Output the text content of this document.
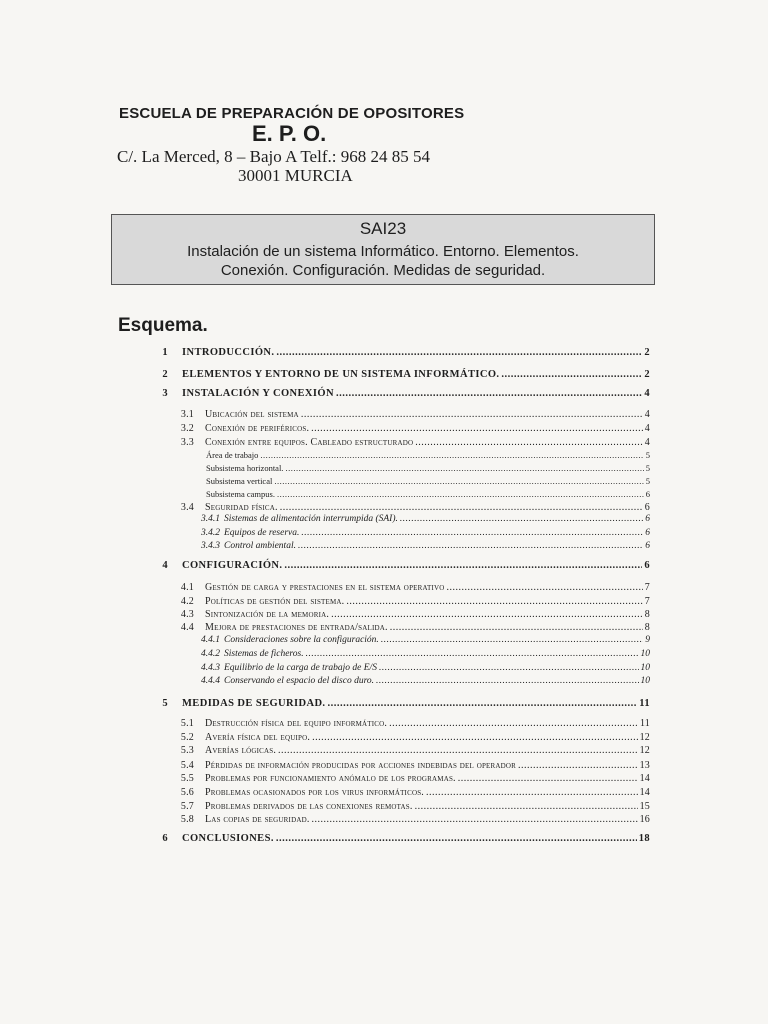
ESCUELA DE PREPARACIÓN DE OPOSITORES
E. P. O.
C/. La Merced, 8 – Bajo A Telf.: 968 24 85 54
30001 MURCIA
SAI23
Instalación de un sistema Informático. Entorno. Elementos.
Conexión. Configuración. Medidas de seguridad.
Esquema.
1 INTRODUCCIÓN. .....	2
2 ELEMENTOS Y ENTORNO DE UN SISTEMA INFORMÁTICO. .....	2
3 INSTALACIÓN Y CONEXIÓN .....	4
3.1 Ubicación del sistema .....	4
3.2 Conexión de periféricos. .....	4
3.3 Conexión entre equipos. Cableado estructurado .....	4
Área de trabajo .....	5
Subsistema horizontal. .....	5
Subsistema vertical .....	5
Subsistema campus. .....	6
3.4 Seguridad física. .....	6
3.4.1 Sistemas de alimentación interrumpida (SAI). .....	6
3.4.2 Equipos de reserva. .....	6
3.4.3 Control ambiental. .....	6
4 CONFIGURACIÓN. .....	6
4.1 Gestión de carga y prestaciones en el sistema operativo .....	7
4.2 Políticas de gestión del sistema. .....	7
4.3 Sintonización de la memoria. .....	8
4.4 Mejora de prestaciones de entrada/salida. .....	8
4.4.1 Consideraciones sobre la configuración. .....	9
4.4.2 Sistemas de ficheros. .....	10
4.4.3 Equilibrio de la carga de trabajo de E/S .....	10
4.4.4 Conservando el espacio del disco duro. .....	10
5 MEDIDAS DE SEGURIDAD. .....	11
5.1 Destrucción física del equipo informático. .....	11
5.2 Avería física del equipo. .....	12
5.3 Averías lógicas. .....	12
5.4 Pérdidas de información producidas por acciones indebidas del operador .....	13
5.5 Problemas por funcionamiento anómalo de los programas. .....	14
5.6 Problemas ocasionados por los virus informáticos. .....	14
5.7 Problemas derivados de las conexiones remotas. .....	15
5.8 Las copias de seguridad. .....	16
6 CONCLUSIONES. .....	18
